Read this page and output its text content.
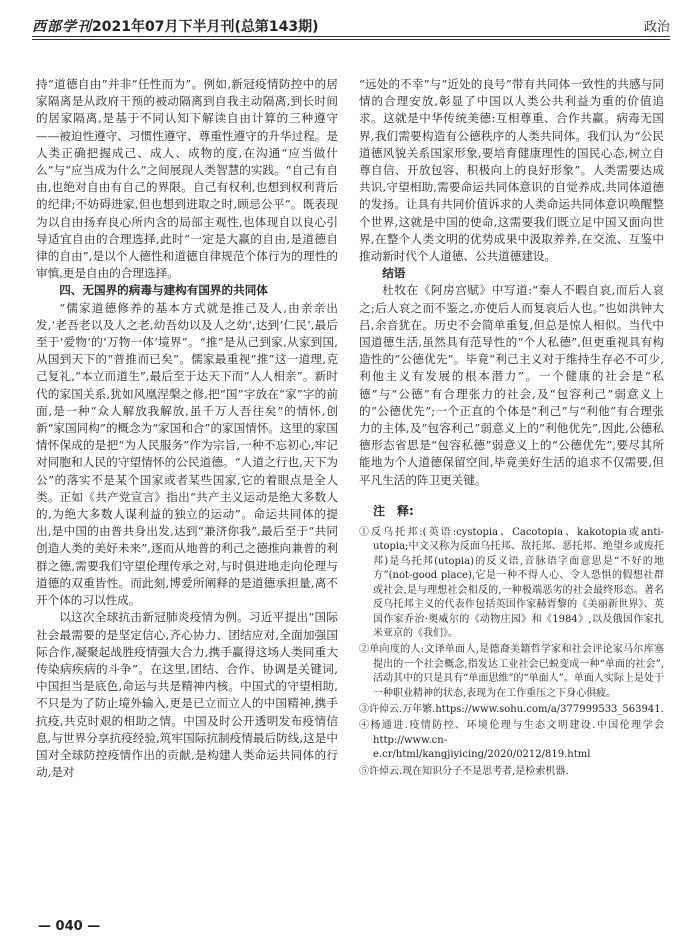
西部学刊2021年07月下半月刊(总第143期)	政治

持“道德自由”并非“任性而为”。例如,新冠疫情防控中的居家隔离是从政府干预的被动隔离到自我主动隔离,到长时间的居家隔离,是基于不同认知下解读自由计算的三种遵守——被迫性遵守、习惯性遵守、尊重性遵守的升华过程。是人类正确把握成己、成人、成物的度,在沟通“应当做什么”与“应当成为什么”之间展现人类智慧的实践。“自己有自由,也绝对自由有自己的界限。自己有权利,也想到权利背后的纪律;不妨碍进家,但也想到进取之时,顾忌公平”。既表现为以自由扬弃良心所内含的局部主观性,也体现自以良心引导适宜自由的合理选择,此时“一定是大赢的自由,是道德自律的自由”,是以个人德性和道德自律规范个体行为的理性的审慎,更是自由的合理选择。

四、无国界的病毒与建构有国界的共同体

“儒家道德修养的基本方式就是推己及人,由亲亲出发,‘老吾老以及人之老,幼吾幼以及人之幼’,达到‘仁民’,最后至于‘爱物’的‘万物一体’境界”。“推”是从己到家,从家到国,从国到天下的“普推而已矣”。儒家最重视“推”这一道理,克己复礼,“本立而道生”,最后至于达天下而“人人相亲”。新时代的家国关系,犹如风凰涅槃之修,把“国”字放在“家”字的前面,是一种“众人解放我解放,虽千万人吾往矣”的情怀,创新“家国同构”的概念为“家国和合”的家国情怀。这里的家国情怀保成的是把“为人民服务”作为宗旨,一种不忘初心,牢记对同胞和人民的守望情怀的公民道德。“人道之行也,天下为公”的落实不是某个国家或者某些国家,它的着眼点是全人类。正如《共产党宣言》指出“共产主义运动是绝大多数人的,为绝大多数人谋利益的独立的运动”。命运共同体的提出,是中国的由普共身出发,达到“兼济你我”,最后至于“共同创造人类的美好未来”,逐而从地普的利己之德推向兼普的利群之德,需要我们守望伦理传承之对,与时俱进地走向伦理与道德的双重皆性。而此刻,博爱所阐释的是道德承担量,离不开个体的习以性成。

以这次全球抗击新冠肺炎疫情为例。习近平提出“国际社会最需要的是坚定信心,齐心协力、团结应对,全面加强国际合作,凝聚起战胜疫情强大合力,携手赢得这场人类同重大传染病疾病的斗争”。在这里,团结、合作、协调是关键词,中国担当是底色,命运与共是精神内核。中国式的守望相助,不只是为了防止境外输入,更是已立而立人的中国精神,携手抗疫,共克时艰的相助之情。中国及时公开透明发布疫情信息,与世界分享抗疫经验,筑牢国际抗制疫情最后防线,这是中国对全球防控疫情作出的贡献,是构建人类命运共同体的行动,是对

“远处的不幸”与“近处的良号”带有共同体一致性的共感与同情的合理安放,彰显了中国以人类公共利益为重的价值追求。这就是中华传统美德:互相尊重、合作共赢。病毒无国界,我们需要构造有公德秩序的人类共同体。我们认为“公民道德风貌关系国家形象,要培育健康理性的国民心态,树立自尊自信、开放包容、积极向上的良好形象”。人类需要达成共识,守望相助,需要命运共同体意识的自觉养成,共同体道德的发扬。让具有共同价值诉求的人类命运共同体意识唤醒整个世界,这就是中国的使命,这需要我们既立足中国又面向世界,在整个人类文明的优势成果中汲取养养,在交流、互鉴中推动新时代个人道德、公共道德建设。

结语

杜牧在《阿房宫赋》中写道:“秦人不暇自哀,而后人哀之;后人哀之而不鉴之,亦使后人而复哀后人也。”也如洪钟大吕,余音犹在。历史不会简单重复,但总是惊人相似。当代中国道德生活,虽然具有范导性的“个人私德”,但更重视具有构造性的“公德优先”。毕竟“利己主义对于维持生存必不可少,利他主义有发展的根本潜力”。一个健康的社会是“私德”与“公德”有合理张力的社会,及“包容利己”弱意义上的“公德优先”;一个正直的个体是“利己”与“利他”有合理张力的主体,及“包容利己”弱意义上的“利他优先”,因此,公德私德形态省思是“包容私德”弱意义上的“公德优先”,要尽其所能地为个人道德保留空间,毕竟美好生活的追求不仅需要,但平凡生活的阵卫更关键。

注　释:
①反乌托邦:(英语:cystopia、Cacotopia、kakotopia或anti-utopia;中文又称为反面乌托邦、敌托邦、恶托邦、绝望乡或废托邦)是乌托邦(utopia)的反义语,音脉语字面意思是“不好的地方”(not-good place),它是一种不得人心、令人恐惧的假想社群或社会,是与理想社会相反的,一种极端恶劣的社会最终形态。著名反乌托邦主义的代表作包括英国作家赫胥黎的《美丽新世界》、英国作家乔治·奥威尔的《动物庄园》和《1984》,以及俄国作家扎米亚京的《我们》。
②单向度的人:文译单面人,是德裔美籍哲学家和社会评论家马尔库塞提出的一个社会概念,指发达工业社会已蜕变成一种“单面的社会”,活动其中的只是具有“单面思维”的“单面人”。单面人实际上是处于一种职业精神的状态,表现为在工作重压之下身心俱疲。
③许倬云.万年繁.https://www.sohu.com/a/377999533_563941.
④杨通进.疫情防控、环境伦理与生态文明建设.中国伦理学会http://www.cn-e.cr/html/kangjiyicing/2020/0212/819.html
⑤许倬云.现在知识分子不是思考者,是检索机器.
— 040 —
